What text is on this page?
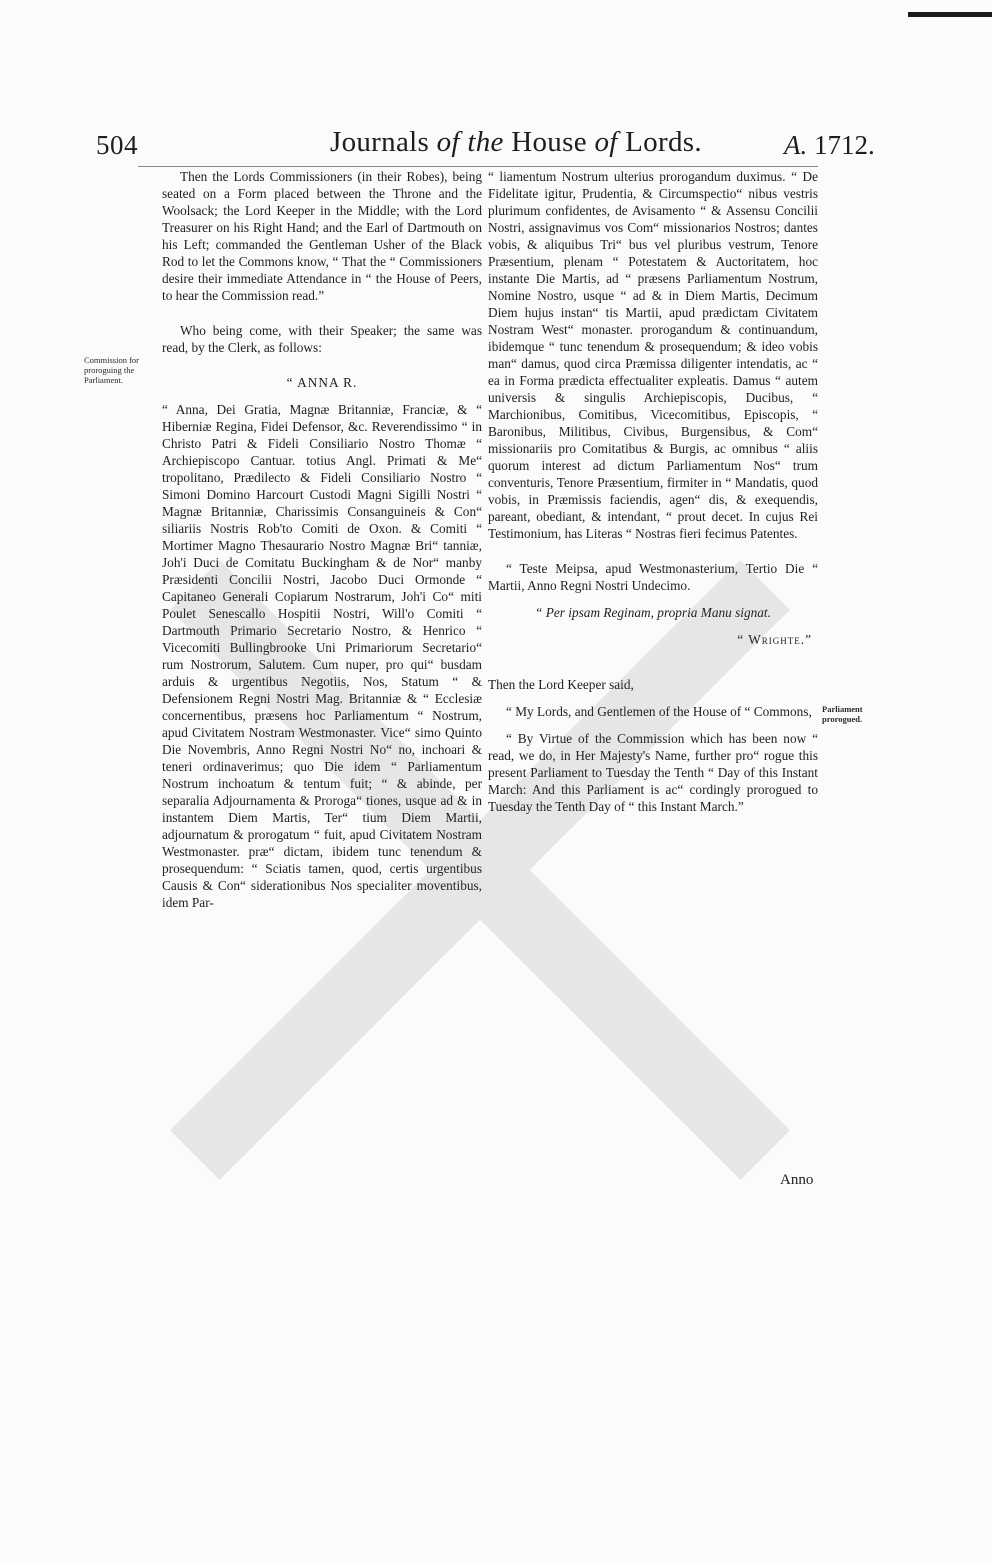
504	Journals of the House of Lords.	A. 1712.
Commission for proroguing the Parliament.
Parliament prorogued.

Then the Lords Commissioners (in their Robes), being seated on a Form placed between the Throne and the Woolsack; the Lord Keeper in the Middle; with the Lord Treasurer on his Right Hand; and the Earl of Dartmouth on his Left; commanded the Gentleman Usher of the Black Rod to let the Commons know, “ That the “ Commissioners desire their immediate Attendance in “ the House of Peers, to hear the Commission read.”

Who being come, with their Speaker; the same was read, by the Clerk, as follows:

“ ANNA R.

“ Anna, Dei Gratia, Magnæ Britanniæ, Franciæ, & “ Hiberniæ Regina, Fidei Defensor, &c. Reverendissimo “ in Christo Patri & Fideli Consiliario Nostro Thomæ “ Archiepiscopo Cantuar. totius Angl. Primati & Me“ tropolitano, Prædilecto & Fideli Consiliario Nostro “ Simoni Domino Harcourt Custodi Magni Sigilli Nostri “ Magnæ Britanniæ, Charissimis Consanguineis & Con“ siliariis Nostris Rob'to Comiti de Oxon. & Comiti “ Mortimer Magno Thesaurario Nostro Magnæ Bri“ tanniæ, Joh'i Duci de Comitatu Buckingham & de Nor“ manby Præsidenti Concilii Nostri, Jacobo Duci Ormonde “ Capitaneo Generali Copiarum Nostrarum, Joh'i Co“ miti Poulet Senescallo Hospitii Nostri, Will'o Comiti “ Dartmouth Primario Secretario Nostro, & Henrico “ Vicecomiti Bullingbrooke Uni Primariorum Secretario“ rum Nostrorum, Salutem. Cum nuper, pro qui“ busdam arduis & urgentibus Negotiis, Nos, Statum “ & Defensionem Regni Nostri Mag. Britanniæ & “ Ecclesiæ concernentibus, præsens hoc Parliamentum “ Nostrum, apud Civitatem Nostram Westmonaster. Vice“ simo Quinto Die Novembris, Anno Regni Nostri No“ no, inchoari & teneri ordinaverimus; quo Die idem “ Parliamentum Nostrum inchoatum & tentum fuit; “ & abinde, per separalia Adjournamenta & Proroga“ tiones, usque ad & in instantem Diem Martis, Ter“ tium Diem Martii, adjournatum & prorogatum “ fuit, apud Civitatem Nostram Westmonaster. præ“ dictam, ibidem tunc tenendum & prosequendum: “ Sciatis tamen, quod, certis urgentibus Causis & Con“ siderationibus Nos specialiter moventibus, idem Par-

“ liamentum Nostrum ulterius prorogandum duximus. “ De Fidelitate igitur, Prudentia, & Circumspectio“ nibus vestris plurimum confidentes, de Avisamento “ & Assensu Concilii Nostri, assignavimus vos Com“ missionarios Nostros; dantes vobis, & aliquibus Tri“ bus vel pluribus vestrum, Tenore Præsentium, plenam “ Potestatem & Auctoritatem, hoc instante Die Martis, ad “ præsens Parliamentum Nostrum, Nomine Nostro, usque “ ad & in Diem Martis, Decimum Diem hujus instan“ tis Martii, apud prædictam Civitatem Nostram West“ monaster. prorogandum & continuandum, ibidemque “ tunc tenendum & prosequendum; & ideo vobis man“ damus, quod circa Præmissa diligenter intendatis, ac “ ea in Forma prædicta effectualiter expleatis. Damus “ autem universis & singulis Archiepiscopis, Ducibus, “ Marchionibus, Comitibus, Vicecomitibus, Episcopis, “ Baronibus, Militibus, Civibus, Burgensibus, & Com“ missionariis pro Comitatibus & Burgis, ac omnibus “ aliis quorum interest ad dictum Parliamentum Nos“ trum conventuris, Tenore Præsentium, firmiter in “ Mandatis, quod vobis, in Præmissis faciendis, agen“ dis, & exequendis, pareant, obediant, & intendant, “ prout decet. In cujus Rei Testimonium, has Literas “ Nostras fieri fecimus Patentes.

“ Teste Meipsa, apud Westmonasterium, Tertio Die “ Martii, Anno Regni Nostri Undecimo.

“ Per ipsam Reginam, propria Manu signat.

“ Wrighte.”

Then the Lord Keeper said,

“ My Lords, and Gentlemen of the House of “ Commons,

“ By Virtue of the Commission which has been now “ read, we do, in Her Majesty's Name, further pro“ rogue this present Parliament to Tuesday the Tenth “ Day of this Instant March: And this Parliament is ac“ cordingly prorogued to Tuesday the Tenth Day of “ this Instant March.”

Anno
